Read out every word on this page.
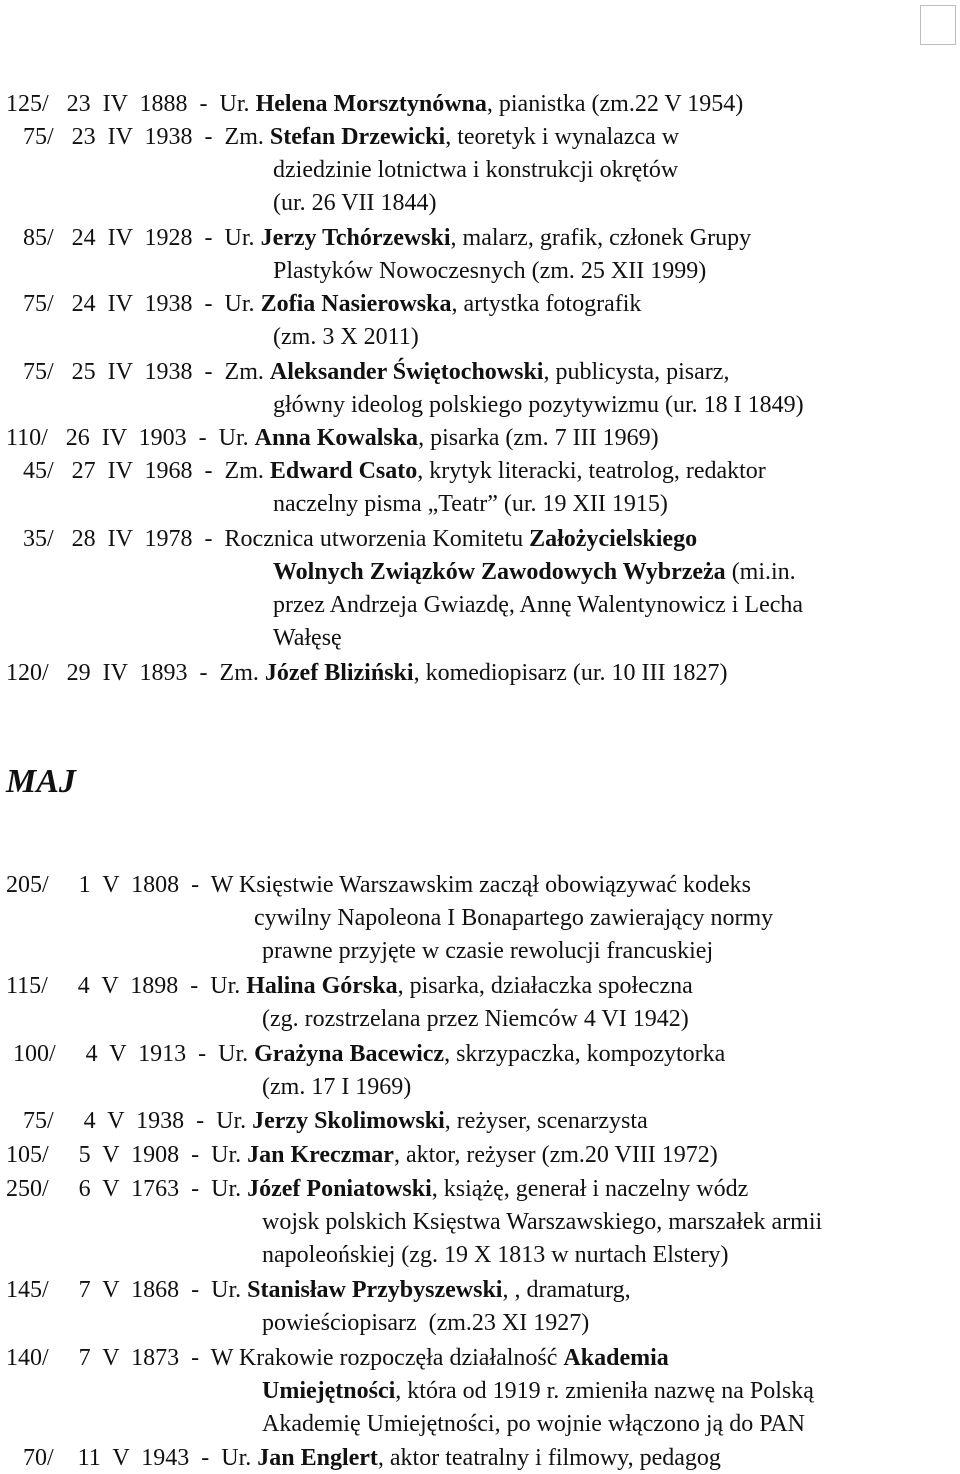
125/   23  IV  1888  -  Ur. Helena Morsztynówna, pianistka (zm.22 V 1954)
75/   23  IV  1938  -  Zm. Stefan Drzewicki, teoretyk i wynalazca w
dziedzinie lotnictwa i konstrukcji okrętów
(ur. 26 VII 1844)
85/   24  IV  1928  -  Ur. Jerzy Tchórzewski, malarz, grafik, członek Grupy
Plastyków Nowoczesnych (zm. 25 XII 1999)
75/   24  IV  1938  -  Ur. Zofia Nasierowska, artystka fotografik
(zm. 3 X 2011)
75/   25  IV  1938  -  Zm. Aleksander Świętochowski, publicysta, pisarz,
główny ideolog polskiego pozytywizmu (ur. 18 I 1849)
110/   26  IV  1903  -  Ur. Anna Kowalska, pisarka (zm. 7 III 1969)
45/   27  IV  1968  -  Zm. Edward Csato, krytyk literacki, teatrolog, redaktor
naczelny pisma „Teatr” (ur. 19 XII 1915)
35/   28  IV  1978  -  Rocznica utworzenia Komitetu Założycielskiego
Wolnych Związków Zawodowych Wybrzeża (mi.in.
przez Andrzeja Gwiazdę, Annę Walentynowicz i Lecha
Wałęsę
120/   29  IV  1893  -  Zm. Józef Bliziński, komediopisarz (ur. 10 III 1827)
205/     1  V  1808  -  W Księstwie Warszawskim zaczął obowiązywać kodeks
cywilny Napoleona I Bonapartego zawierający normy
prawne przyjęte w czasie rewolucji francuskiej
115/     4  V  1898  -  Ur. Halina Górska, pisarka, działaczka społeczna
(zg. rozstrzelana przez Niemców 4 VI 1942)
100/     4  V  1913  -  Ur. Grażyna Bacewicz, skrzypaczka, kompozytorka
(zm. 17 I 1969)
75/     4  V  1938  -  Ur. Jerzy Skolimowski, reżyser, scenarzysta
105/     5  V  1908  -  Ur. Jan Kreczmar, aktor, reżyser (zm.20 VIII 1972)
250/     6  V  1763  -  Ur. Józef Poniatowski, książę, generał i naczelny wódz
wojsk polskich Księstwa Warszawskiego, marszałek armii
napoleońskiej (zg. 19 X 1813 w nurtach Elstery)
145/     7  V  1868  -  Ur. Stanisław Przybyszewski, , dramaturg,
powieściopisarz  (zm.23 XI 1927)
140/     7  V  1873  -  W Krakowie rozpoczęła działalność Akademia
Umiejętności, która od 1919 r. zmieniła nazwę na Polską
Akademię Umiejętności, po wojnie włączono ją do PAN
70/    11  V  1943  -  Ur. Jan Englert, aktor teatralny i filmowy, pedagog
MAJ
